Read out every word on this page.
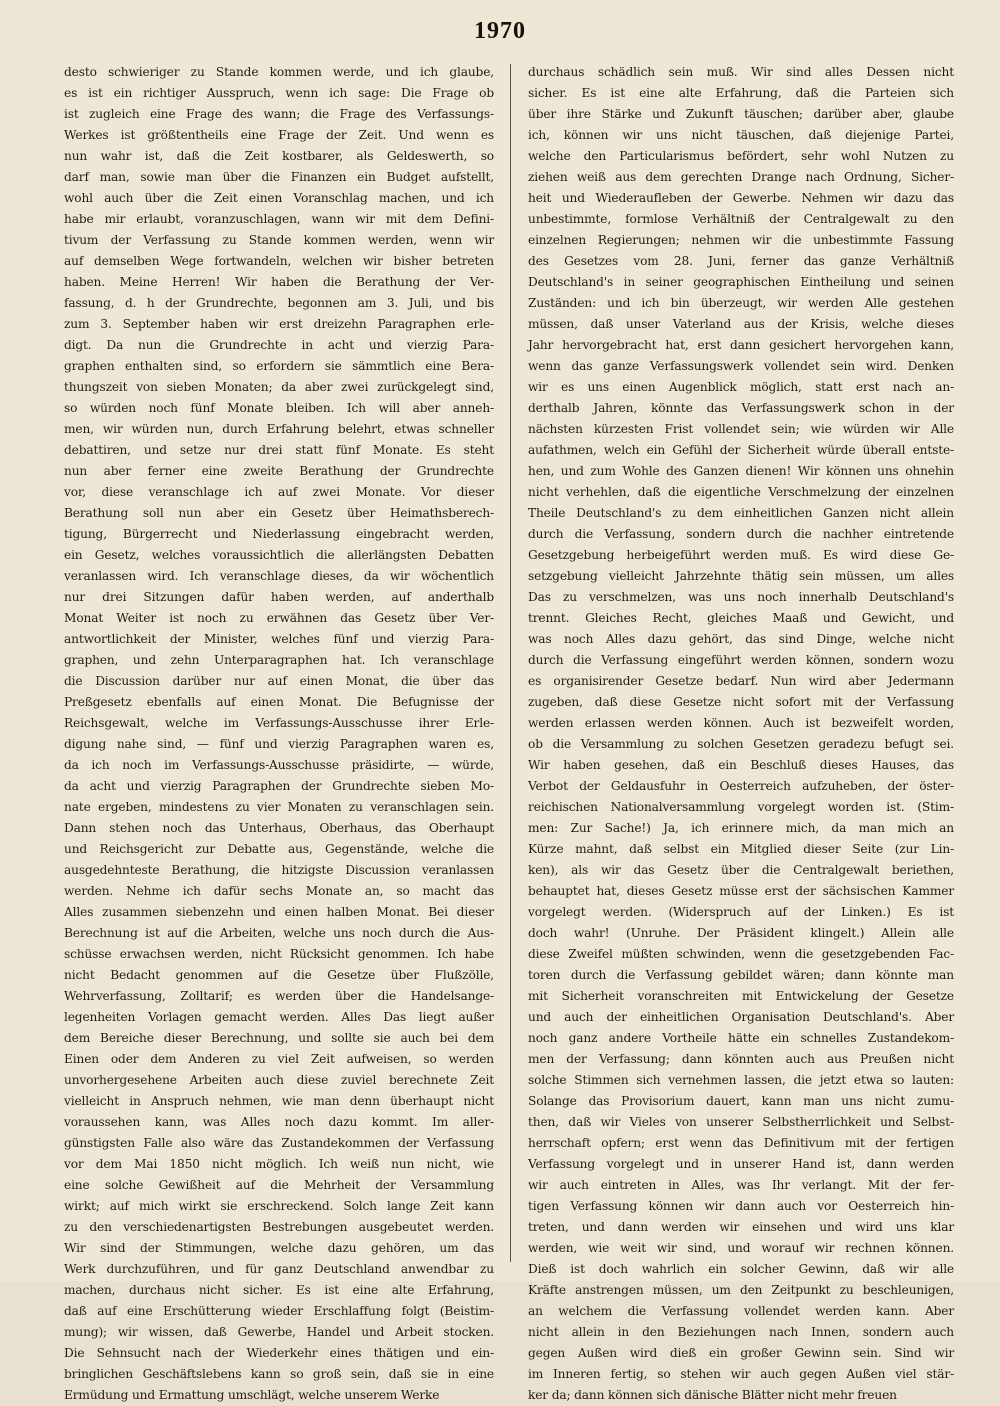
1970
desto schwieriger zu Stande kommen werde, und ich glaube,
es ist ein richtiger Ausspruch, wenn ich sage: Die Frage ob
ist zugleich eine Frage des wann; die Frage des Verfassungs-
Werkes ist größtentheils eine Frage der Zeit. Und wenn es
nun wahr ist, daß die Zeit kostbarer, als Geldeswerth, so
darf man, sowie man über die Finanzen ein Budget aufstellt,
wohl auch über die Zeit einen Voranschlag machen, und ich
habe mir erlaubt, voranzuschlagen, wann wir mit dem Defini-
tivum der Verfassung zu Stande kommen werden, wenn wir
auf demselben Wege fortwandeln, welchen wir bisher betreten
haben. Meine Herren! Wir haben die Berathung der Ver-
fassung, d. h der Grundrechte, begonnen am 3. Juli, und bis
zum 3. September haben wir erst dreizehn Paragraphen erle-
digt. Da nun die Grundrechte in acht und vierzig Para-
graphen enthalten sind, so erfordern sie sämmtlich eine Bera-
thungszeit von sieben Monaten; da aber zwei zurückgelegt sind,
so würden noch fünf Monate bleiben. Ich will aber anneh-
men, wir würden nun, durch Erfahrung belehrt, etwas schneller
debattiren, und setze nur drei statt fünf Monate. Es steht
nun aber ferner eine zweite Berathung der Grundrechte
vor, diese veranschlage ich auf zwei Monate. Vor dieser
Berathung soll nun aber ein Gesetz über Heimathsberech-
tigung, Bürgerrecht und Niederlassung eingebracht werden,
ein Gesetz, welches voraussichtlich die allerlängsten Debatten
veranlassen wird. Ich veranschlage dieses, da wir wöchentlich
nur drei Sitzungen dafür haben werden, auf anderthalb
Monat Weiter ist noch zu erwähnen das Gesetz über Ver-
antwortlichkeit der Minister, welches fünf und vierzig Para-
graphen, und zehn Unterparagraphen hat. Ich veranschlage
die Discussion darüber nur auf einen Monat, die über das
Preßgesetz ebenfalls auf einen Monat. Die Befugnisse der
Reichsgewalt, welche im Verfassungs-Ausschusse ihrer Erle-
digung nahe sind, — fünf und vierzig Paragraphen waren es,
da ich noch im Verfassungs-Ausschusse präsidirte, — würde,
da acht und vierzig Paragraphen der Grundrechte sieben Mo-
nate ergeben, mindestens zu vier Monaten zu veranschlagen sein.
Dann stehen noch das Unterhaus, Oberhaus, das Oberhaupt
und Reichsgericht zur Debatte aus, Gegenstände, welche die
ausgedehnteste Berathung, die hitzigste Discussion veranlassen
werden. Nehme ich dafür sechs Monate an, so macht das
Alles zusammen siebenzehn und einen halben Monat. Bei dieser
Berechnung ist auf die Arbeiten, welche uns noch durch die Aus-
schüsse erwachsen werden, nicht Rücksicht genommen. Ich habe
nicht Bedacht genommen auf die Gesetze über Flußzölle,
Wehrverfassung, Zolltarif; es werden über die Handelsange-
legenheiten Vorlagen gemacht werden. Alles Das liegt außer
dem Bereiche dieser Berechnung, und sollte sie auch bei dem
Einen oder dem Anderen zu viel Zeit aufweisen, so werden
unvorhergesehene Arbeiten auch diese zuviel berechnete Zeit
vielleicht in Anspruch nehmen, wie man denn überhaupt nicht
voraussehen kann, was Alles noch dazu kommt. Im aller-
günstigsten Falle also wäre das Zustandekommen der Verfassung
vor dem Mai 1850 nicht möglich. Ich weiß nun nicht, wie
eine solche Gewißheit auf die Mehrheit der Versammlung
wirkt; auf mich wirkt sie erschreckend. Solch lange Zeit kann
zu den verschiedenartigsten Bestrebungen ausgebeutet werden.
Wir sind der Stimmungen, welche dazu gehören, um das
Werk durchzuführen, und für ganz Deutschland anwendbar zu
machen, durchaus nicht sicher. Es ist eine alte Erfahrung,
daß auf eine Erschütterung wieder Erschlaffung folgt (Beistim-
mung); wir wissen, daß Gewerbe, Handel und Arbeit stocken.
Die Sehnsucht nach der Wiederkehr eines thätigen und ein-
bringlichen Geschäftslebens kann so groß sein, daß sie in eine
Ermüdung und Ermattung umschlägt, welche unserem Werke
durchaus schädlich sein muß. Wir sind alles Dessen nicht
sicher. Es ist eine alte Erfahrung, daß die Parteien sich
über ihre Stärke und Zukunft täuschen; darüber aber, glaube
ich, können wir uns nicht täuschen, daß diejenige Partei,
welche den Particularismus befördert, sehr wohl Nutzen zu
ziehen weiß aus dem gerechten Drange nach Ordnung, Sicher-
heit und Wiederaufleben der Gewerbe. Nehmen wir dazu das
unbestimmte, formlose Verhältniß der Centralgewalt zu den
einzelnen Regierungen; nehmen wir die unbestimmte Fassung
des Gesetzes vom 28. Juni, ferner das ganze Verhältniß
Deutschland's in seiner geographischen Eintheilung und seinen
Zuständen: und ich bin überzeugt, wir werden Alle gestehen
müssen, daß unser Vaterland aus der Krisis, welche dieses
Jahr hervorgebracht hat, erst dann gesichert hervorgehen kann,
wenn das ganze Verfassungswerk vollendet sein wird. Denken
wir es uns einen Augenblick möglich, statt erst nach an-
derthalb Jahren, könnte das Verfassungswerk schon in der
nächsten kürzesten Frist vollendet sein; wie würden wir Alle
aufathmen, welch ein Gefühl der Sicherheit würde überall entste-
hen, und zum Wohle des Ganzen dienen! Wir können uns ohnehin
nicht verhehlen, daß die eigentliche Verschmelzung der einzelnen
Theile Deutschland's zu dem einheitlichen Ganzen nicht allein
durch die Verfassung, sondern durch die nachher eintretende
Gesetzgebung herbeigeführt werden muß. Es wird diese Ge-
setzgebung vielleicht Jahrzehnte thätig sein müssen, um alles
Das zu verschmelzen, was uns noch innerhalb Deutschland's
trennt. Gleiches Recht, gleiches Maaß und Gewicht, und
was noch Alles dazu gehört, das sind Dinge, welche nicht
durch die Verfassung eingeführt werden können, sondern wozu
es organisirender Gesetze bedarf. Nun wird aber Jedermann
zugeben, daß diese Gesetze nicht sofort mit der Verfassung
werden erlassen werden können. Auch ist bezweifelt worden,
ob die Versammlung zu solchen Gesetzen geradezu befugt sei.
Wir haben gesehen, daß ein Beschluß dieses Hauses, das
Verbot der Geldausfuhr in Oesterreich aufzuheben, der öster-
reichischen Nationalversammlung vorgelegt worden ist. (Stim-
men: Zur Sache!) Ja, ich erinnere mich, da man mich an
Kürze mahnt, daß selbst ein Mitglied dieser Seite (zur Lin-
ken), als wir das Gesetz über die Centralgewalt beriethen,
behauptet hat, dieses Gesetz müsse erst der sächsischen Kammer
vorgelegt werden. (Widerspruch auf der Linken.) Es ist
doch wahr! (Unruhe. Der Präsident klingelt.) Allein alle
diese Zweifel müßten schwinden, wenn die gesetzgebenden Fac-
toren durch die Verfassung gebildet wären; dann könnte man
mit Sicherheit voranschreiten mit Entwickelung der Gesetze
und auch der einheitlichen Organisation Deutschland's. Aber
noch ganz andere Vortheile hätte ein schnelles Zustandekom-
men der Verfassung; dann könnten auch aus Preußen nicht
solche Stimmen sich vernehmen lassen, die jetzt etwa so lauten:
Solange das Provisorium dauert, kann man uns nicht zumu-
then, daß wir Vieles von unserer Selbstherrlichkeit und Selbst-
herrschaft opfern; erst wenn das Definitivum mit der fertigen
Verfassung vorgelegt und in unserer Hand ist, dann werden
wir auch eintreten in Alles, was Ihr verlangt. Mit der fer-
tigen Verfassung können wir dann auch vor Oesterreich hin-
treten, und dann werden wir einsehen und wird uns klar
werden, wie weit wir sind, und worauf wir rechnen können.
Dieß ist doch wahrlich ein solcher Gewinn, daß wir alle
Kräfte anstrengen müssen, um den Zeitpunkt zu beschleunigen,
an welchem die Verfassung vollendet werden kann. Aber
nicht allein in den Beziehungen nach Innen, sondern auch
gegen Außen wird dieß ein großer Gewinn sein. Sind wir
im Inneren fertig, so stehen wir auch gegen Außen viel stär-
ker da; dann können sich dänische Blätter nicht mehr freuen
